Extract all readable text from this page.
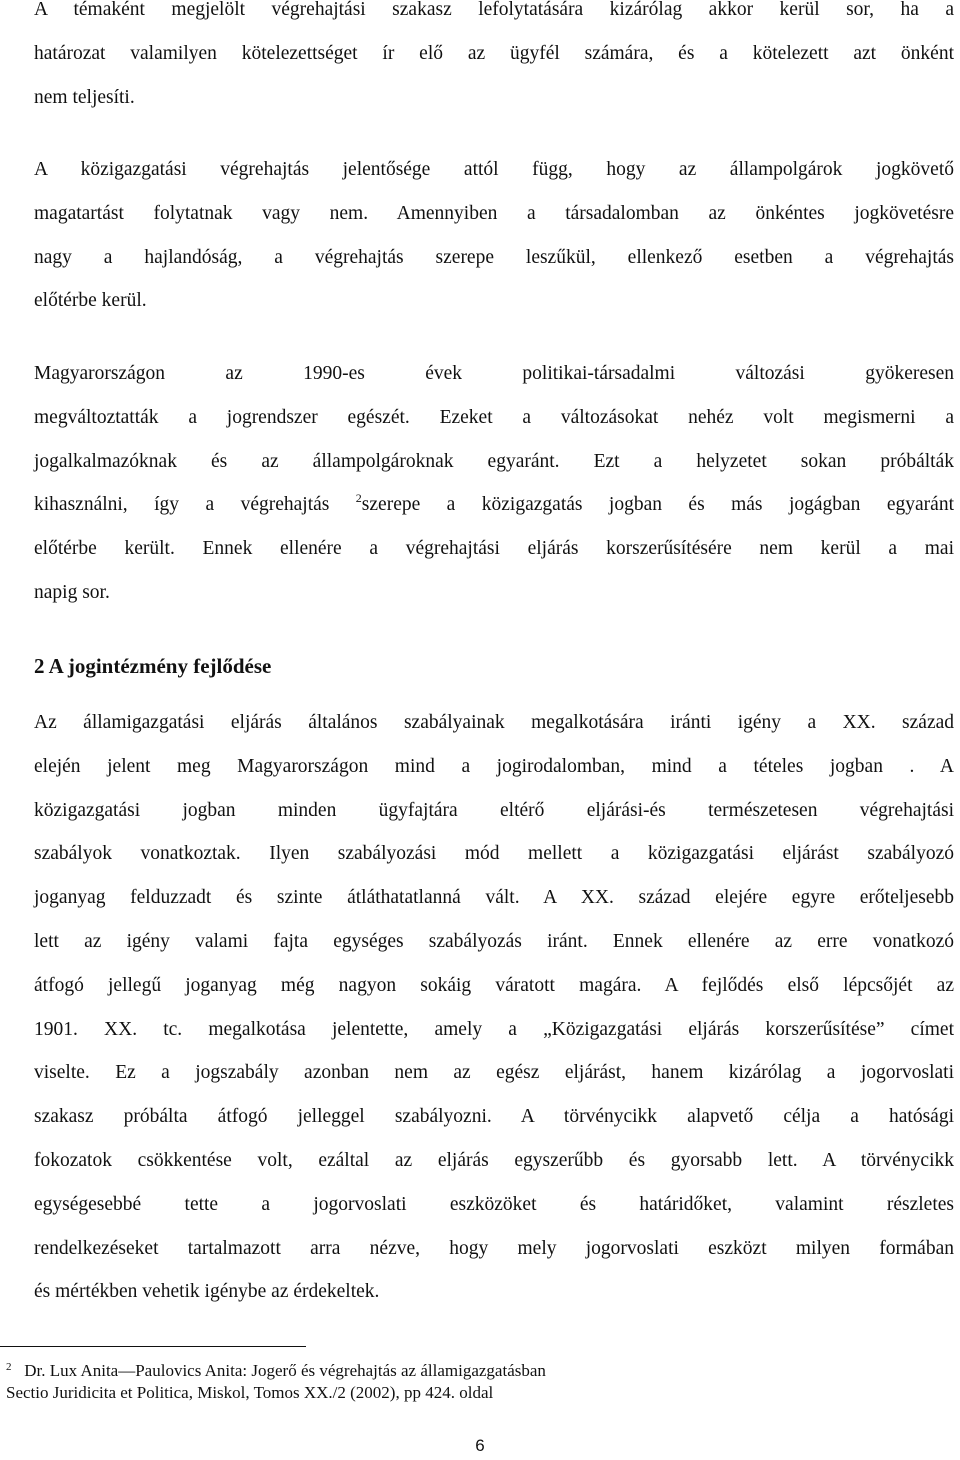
A témaként megjelölt végrehajtási szakasz lefolytatására kizárólag akkor kerül sor, ha a
határozat valamilyen kötelezettséget ír elő az ügyfél számára, és a kötelezett azt önként
nem teljesíti.
A közigazgatási végrehajtás jelentősége attól függ, hogy az állampolgárok jogkövető
magatartást folytatnak vagy nem. Amennyiben a társadalomban az önkéntes jogkövetésre
nagy a hajlandóság, a végrehajtás szerepe leszűkül, ellenkező esetben a végrehajtás
előtérbe kerül.
Magyarországon az 1990-es évek politikai-társadalmi változási gyökeresen
megváltoztatták a jogrendszer egészét. Ezeket a változásokat nehéz volt megismerni a
jogalkalmazóknak és az állampolgároknak egyaránt. Ezt a helyzetet sokan próbálták
kihasználni, így a végrehajtás $^2$szerepe a közigazgatás jogban és más jogágban egyaránt
előtérbe került. Ennek ellenére a végrehajtási eljárás korszerűsítésére nem kerül a mai
napig sor.
2 A jogintézmény fejlődése
Az államigazgatási eljárás általános szabályainak megalkotására iránti igény a XX. század
elején jelent meg Magyarországon mind a jogirodalomban, mind a tételes jogban . A
közigazgatási jogban minden ügyfajtára eltérő eljárási-és természetesen végrehajtási
szabályok vonatkoztak. Ilyen szabályozási mód mellett a közigazgatási eljárást szabályozó
joganyag felduzzadt és szinte átláthatatlanná vált. A XX. század elejére egyre erőteljesebb
lett az igény valami fajta egységes szabályozás iránt. Ennek ellenére az erre vonatkozó
átfogó jellegű joganyag még nagyon sokáig váratott magára. A fejlődés első lépcsőjét az
1901. XX. tc. megalkotása jelentette, amely a „Közigazgatási eljárás korszerűsítése” címet
viselte. Ez a jogszabály azonban nem az egész eljárást, hanem kizárólag a jogorvoslati
szakasz próbálta átfogó jelleggel szabályozni. A törvénycikk alapvető célja a hatósági
fokozatok csökkentése volt, ezáltal az eljárás egyszerűbb és gyorsabb lett. A törvénycikk
egységesebbé tette a jogorvoslati eszközöket és határidőket, valamint részletes
rendelkezéseket tartalmazott arra nézve, hogy mely jogorvoslati eszközt milyen formában
és mértékben vehetik igénybe az érdekeltek.
$^2$ Dr. Lux Anita—Paulovics Anita: Jogerő és végrehajtás az államigazgatásban
Sectio Juridicita et Politica, Miskol, Tomos XX./2 (2002), pp 424. oldal
6
